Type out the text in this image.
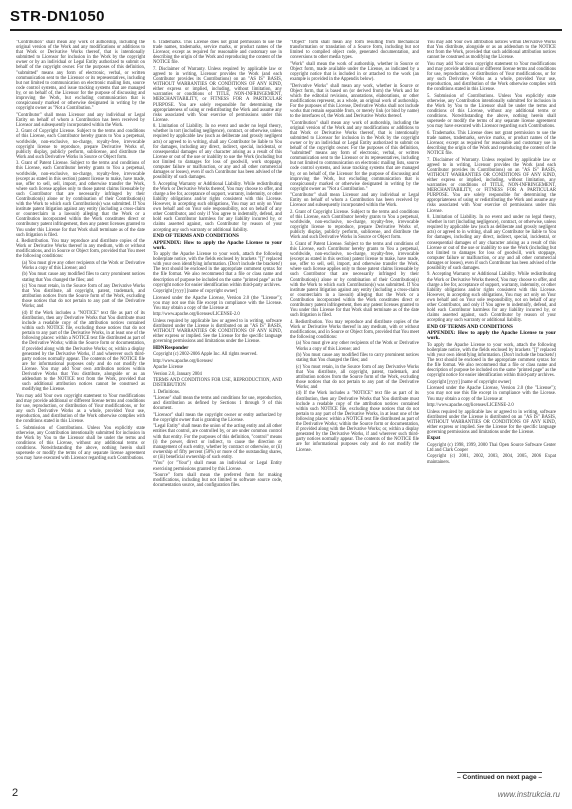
STR-DN1050

"Contribution" shall mean any work of authorship, including the original version of the Work and any modifications or additions to that Work or Derivative Works thereof, that is intentionally submitted to Licensor for inclusion in the Work by the copyright owner or by an individual or Legal Entity authorized to submit on behalf of the copyright owner. For the purposes of this definition, "submitted" means any form of electronic, verbal, or written communication sent to the Licensor or its representatives, including but not limited to communication on electronic mailing lists, source code control systems, and issue tracking systems that are managed by, or on behalf of, the Licensor for the purpose of discussing and improving the Work, but excluding communication that is conspicuously marked or otherwise designated in writing by the copyright owner as "Not a Contribution."

"Contributor" shall mean Licensor and any individual or Legal Entity on behalf of whom a Contribution has been received by Licensor and subsequently incorporated within the Work.

2. Grant of Copyright License. Subject to the terms and conditions of this License, each Contributor hereby grants to You a perpetual, worldwide, non-exclusive, no-charge, royalty-free, irrevocable copyright license to reproduce, prepare Derivative Works of, publicly display, publicly perform, sublicense, and distribute the Work and such Derivative Works in Source or Object form.

3. Grant of Patent License. Subject to the terms and conditions of this License, each Contributor hereby grants to You a perpetual, worldwide, non-exclusive, no-charge, royalty-free, irrevocable (except as stated in this section) patent license to make, have made, use, offer to sell, sell, import, and otherwise transfer the Work, where such license applies only to those patent claims licensable by such Contributor that are necessarily infringed by their Contribution(s) alone or by combination of their Contribution(s) with the Work to which such Contribution(s) was submitted. If You institute patent litigation against any entity (including a cross-claim or counterclaim in a lawsuit) alleging that the Work or a Contribution incorporated within the Work constitutes direct or contributory patent infringement, then any patent licenses granted to You under this License for that Work shall terminate as of the date such litigation is filed.

4. Redistribution. You may reproduce and distribute copies of the Work or Derivative Works thereof in any medium, with or without modifications, and in Source or Object form, provided that You meet the following conditions:

(a) You must give any other recipients of the Work or Derivative Works a copy of this License; and

(b) You must cause any modified files to carry prominent notices stating that You changed the files; and

(c) You must retain, in the Source form of any Derivative Works that You distribute, all copyright, patent, trademark, and attribution notices from the Source form of the Work, excluding those notices that do not pertain to any part of the Derivative Works; and

(d) If the Work includes a "NOTICE" text file as part of its distribution, then any Derivative Works that You distribute must include a readable copy of the attribution notices contained within such NOTICE file, excluding those notices that do not pertain to any part of the Derivative Works, in at least one of the following places: within a NOTICE text file distributed as part of the Derivative Works; within the Source form or documentation, if provided along with the Derivative Works; or, within a display generated by the Derivative Works, if and wherever such third-party notices normally appear. The contents of the NOTICE file are for informational purposes only and do not modify the License. You may add Your own attribution notices within Derivative Works that You distribute, alongside or as an addendum to the NOTICE text from the Work, provided that such additional attribution notices cannot be construed as modifying the License.

You may add Your own copyright statement to Your modifications and may provide additional or different license terms and conditions for use, reproduction, or distribution of Your modifications, or for any such Derivative Works as a whole, provided Your use, reproduction, and distribution of the Work otherwise complies with the conditions stated in this License.

5. Submission of Contributions. Unless You explicitly state otherwise, any Contribution intentionally submitted for inclusion in the Work by You to the Licensor shall be under the terms and conditions of this License, without any additional terms or conditions. Notwithstanding the above, nothing herein shall supersede or modify the terms of any separate license agreement you may have executed with Licensor regarding such Contributions.

6. Trademarks. This License does not grant permission to use the trade names, trademarks, service marks, or product names of the Licensor, except as required for reasonable and customary use in describing the origin of the Work and reproducing the content of the NOTICE file.

7. Disclaimer of Warranty. Unless required by applicable law or agreed to in writing, Licensor provides the Work (and each Contributor provides its Contributions) on an "AS IS" BASIS, WITHOUT WARRANTIES OR CONDITIONS OF ANY KIND, either express or implied, including, without limitation, any warranties or conditions of TITLE, NON-INFRINGEMENT, MERCHANTABILITY, or FITNESS FOR A PARTICULAR PURPOSE. You are solely responsible for determining the appropriateness of using or redistributing the Work and assume any risks associated with Your exercise of permissions under this License.

8. Limitation of Liability. In no event and under no legal theory, whether in tort (including negligence), contract, or otherwise, unless required by applicable law (such as deliberate and grossly negligent acts) or agreed to in writing, shall any Contributor be liable to You for damages, including any direct, indirect, special, incidental, or consequential damages of any character arising as a result of this License or out of the use or inability to use the Work (including but not limited to damages for loss of goodwill, work stoppage, computer failure or malfunction, or any and all other commercial damages or losses), even if such Contributor has been advised of the possibility of such damages.

9. Accepting Warranty or Additional Liability. While redistributing the Work or Derivative Works thereof, You may choose to offer, and charge a fee for, acceptance of support, warranty, indemnity, or other liability obligations and/or rights consistent with this License. However, in accepting such obligations, You may act only on Your own behalf and on Your sole responsibility, not on behalf of any other Contributor, and only if You agree to indemnify, defend, and hold each Contributor harmless for any liability incurred by, or claims asserted against, such Contributor by reason of your accepting any such warranty or additional liability.

END OF TERMS AND CONDITIONS

APPENDIX: How to apply the Apache License to your work.

To apply the Apache License to your work, attach the following boilerplate notice, with the fields enclosed by brackets "[]" replaced with your own identifying information. (Don't include the brackets!) The text should be enclosed in the appropriate comment syntax for the file format. We also recommend that a file or class name and description of purpose be included on the same "printed page" as the copyright notice for easier identification within third-party archives.

Copyright [yyyy] [name of copyright owner]

Licensed under the Apache License, Version 2.0 (the "License"); you may not use this file except in compliance with the License. You may obtain a copy of the License at

http://www.apache.org/licenses/LICENSE-2.0

Unless required by applicable law or agreed to in writing, software distributed under the License is distributed on an "AS IS" BASIS, WITHOUT WARRANTIES OR CONDITIONS OF ANY KIND, either express or implied. See the License for the specific language governing permissions and limitations under the License.

HDNResponder

Copyright (c) 2002-2006 Apple Inc. All rights reserved.

http://www.apache.org/licenses/

Apache License

Version 2.0, January 2004

TERMS AND CONDITIONS FOR USE, REPRODUCTION, AND DISTRIBUTION

1. Definitions.

"License" shall mean the terms and conditions for use, reproduction, and distribution as defined by Sections 1 through 9 of this document.

"Licensor" shall mean the copyright owner or entity authorized by the copyright owner that is granting the License.

"Legal Entity" shall mean the union of the acting entity and all other entities that control, are controlled by, or are under common control with that entity. For the purposes of this definition, "control" means (i) the power, direct or indirect, to cause the direction or management of such entity, whether by contract or otherwise, or (ii) ownership of fifty percent (50%) or more of the outstanding shares, or (iii) beneficial ownership of such entity.

"You" (or "Your") shall mean an individual or Legal Entity exercising permissions granted by this License.

"Source" form shall mean the preferred form for making modifications, including but not limited to software source code, documentation source, and configuration files.

"Object" form shall mean any form resulting from mechanical transformation or translation of a Source form, including but not limited to compiled object code, generated documentation, and conversions to other media types.

"Work" shall mean the work of authorship, whether in Source or Object form, made available under the License, as indicated by a copyright notice that is included in or attached to the work (an example is provided in the Appendix below).

"Derivative Works" shall mean any work, whether in Source or Object form, that is based on (or derived from) the Work and for which the editorial revisions, annotations, elaborations, or other modifications represent, as a whole, an original work of authorship. For the purposes of this License, Derivative Works shall not include works that remain separable from, or merely link (or bind by name) to the interfaces of, the Work and Derivative Works thereof.

"Contribution" shall mean any work of authorship, including the original version of the Work and any modifications or additions to that Work or Derivative Works thereof, that is intentionally submitted to Licensor for inclusion in the Work by the copyright owner or by an individual or Legal Entity authorized to submit on behalf of the copyright owner. For the purposes of this definition, "submitted" means any form of electronic, verbal, or written communication sent to the Licensor or its representatives, including but not limited to communication on electronic mailing lists, source code control systems, and issue tracking systems that are managed by, or on behalf of, the Licensor for the purpose of discussing and improving the Work, but excluding communication that is conspicuously marked or otherwise designated in writing by the copyright owner as "Not a Contribution."

"Contributor" shall mean Licensor and any individual or Legal Entity on behalf of whom a Contribution has been received by Licensor and subsequently incorporated within the Work.

2. Grant of Copyright License. Subject to the terms and conditions of this License, each Contributor hereby grants to You a perpetual, worldwide, non-exclusive, no-charge, royalty-free, irrevocable copyright license to reproduce, prepare Derivative Works of, publicly display, publicly perform, sublicense, and distribute the Work and such Derivative Works in Source or Object form.

3. Grant of Patent License. Subject to the terms and conditions of this License, each Contributor hereby grants to You a perpetual, worldwide, non-exclusive, no-charge, royalty-free, irrevocable (except as stated in this section) patent license to make, have made, use, offer to sell, sell, import, and otherwise transfer the Work, where such license applies only to those patent claims licensable by such Contributor that are necessarily infringed by their Contribution(s) alone or by combination of their Contribution(s) with the Work to which such Contribution(s) was submitted. If You institute patent litigation against any entity (including a cross-claim or counterclaim in a lawsuit) alleging that the Work or a Contribution incorporated within the Work constitutes direct or contributory patent infringement, then any patent licenses granted to You under this License for that Work shall terminate as of the date such litigation is filed.

4. Redistribution. You may reproduce and distribute copies of the Work or Derivative Works thereof in any medium, with or without modifications, and in Source or Object form, provided that You meet the following conditions:

(a) You must give any other recipients of the Work or Derivative Works a copy of this License; and

(b) You must cause any modified files to carry prominent notices stating that You changed the files; and

(c) You must retain, in the Source form of any Derivative Works that You distribute, all copyright, patent, trademark, and attribution notices from the Source form of the Work, excluding those notices that do not pertain to any part of the Derivative Works; and

(d) If the Work includes a "NOTICE" text file as part of its distribution, then any Derivative Works that You distribute must include a readable copy of the attribution notices contained within such NOTICE file, excluding those notices that do not pertain to any part of the Derivative Works, in at least one of the following places: within a NOTICE text file distributed as part of the Derivative Works; within the Source form or documentation, if provided along with the Derivative Works; or, within a display generated by the Derivative Works, if and wherever such third-party notices normally appear. The contents of the NOTICE file are for informational purposes only and do not modify the License.

You may add Your own attribution notices within Derivative Works that You distribute, alongside or as an addendum to the NOTICE text from the Work, provided that such additional attribution notices cannot be construed as modifying the License.

You may add Your own copyright statement to Your modifications and may provide additional or different license terms and conditions for use, reproduction, or distribution of Your modifications, or for any such Derivative Works as a whole, provided Your use, reproduction, and distribution of the Work otherwise complies with the conditions stated in this License.

5. Submission of Contributions. Unless You explicitly state otherwise, any Contribution intentionally submitted for inclusion in the Work by You to the Licensor shall be under the terms and conditions of this License, without any additional terms or conditions. Notwithstanding the above, nothing herein shall supersede or modify the terms of any separate license agreement you may have executed with Licensor regarding such Contributions.

6. Trademarks. This License does not grant permission to use the trade names, trademarks, service marks, or product names of the Licensor, except as required for reasonable and customary use in describing the origin of the Work and reproducing the content of the NOTICE file.

7. Disclaimer of Warranty. Unless required by applicable law or agreed to in writing, Licensor provides the Work (and each Contributor provides its Contributions) on an "AS IS" BASIS, WITHOUT WARRANTIES OR CONDITIONS OF ANY KIND, either express or implied, including, without limitation, any warranties or conditions of TITLE, NON-INFRINGEMENT, MERCHANTABILITY, or FITNESS FOR A PARTICULAR PURPOSE. You are solely responsible for determining the appropriateness of using or redistributing the Work and assume any risks associated with Your exercise of permissions under this License.

8. Limitation of Liability. In no event and under no legal theory, whether in tort (including negligence), contract, or otherwise, unless required by applicable law (such as deliberate and grossly negligent acts) or agreed to in writing, shall any Contributor be liable to You for damages, including any direct, indirect, special, incidental, or consequential damages of any character arising as a result of this License or out of the use or inability to use the Work (including but not limited to damages for loss of goodwill, work stoppage, computer failure or malfunction, or any and all other commercial damages or losses), even if such Contributor has been advised of the possibility of such damages.

9. Accepting Warranty or Additional Liability. While redistributing the Work or Derivative Works thereof, You may choose to offer, and charge a fee for, acceptance of support, warranty, indemnity, or other liability obligations and/or rights consistent with this License. However, in accepting such obligations, You may act only on Your own behalf and on Your sole responsibility, not on behalf of any other Contributor, and only if You agree to indemnify, defend, and hold each Contributor harmless for any liability incurred by, or claims asserted against, such Contributor by reason of your accepting any such warranty or additional liability.

END OF TERMS AND CONDITIONS

APPENDIX: How to apply the Apache License to your work.

To apply the Apache License to your work, attach the following boilerplate notice, with the fields enclosed by brackets "[]" replaced with your own identifying information. (Don't include the brackets!) The text should be enclosed in the appropriate comment syntax for the file format. We also recommend that a file or class name and description of purpose be included on the same "printed page" as the copyright notice for easier identification within third-party archives.

Copyright [yyyy] [name of copyright owner]

Licensed under the Apache License, Version 2.0 (the "License"); you may not use this file except in compliance with the License. You may obtain a copy of the License at

http://www.apache.org/licenses/LICENSE-2.0

Unless required by applicable law or agreed to in writing, software distributed under the License is distributed on an "AS IS" BASIS, WITHOUT WARRANTIES OR CONDITIONS OF ANY KIND, either express or implied. See the License for the specific language governing permissions and limitations under the License.

Expat

Copyright (c) 1998, 1999, 2000 Thai Open Source Software Center Ltd and Clark Cooper

Copyright (c) 2001, 2002, 2003, 2004, 2005, 2006 Expat maintainers.

– Continued on next page –
2	www.instrukcia.ru
